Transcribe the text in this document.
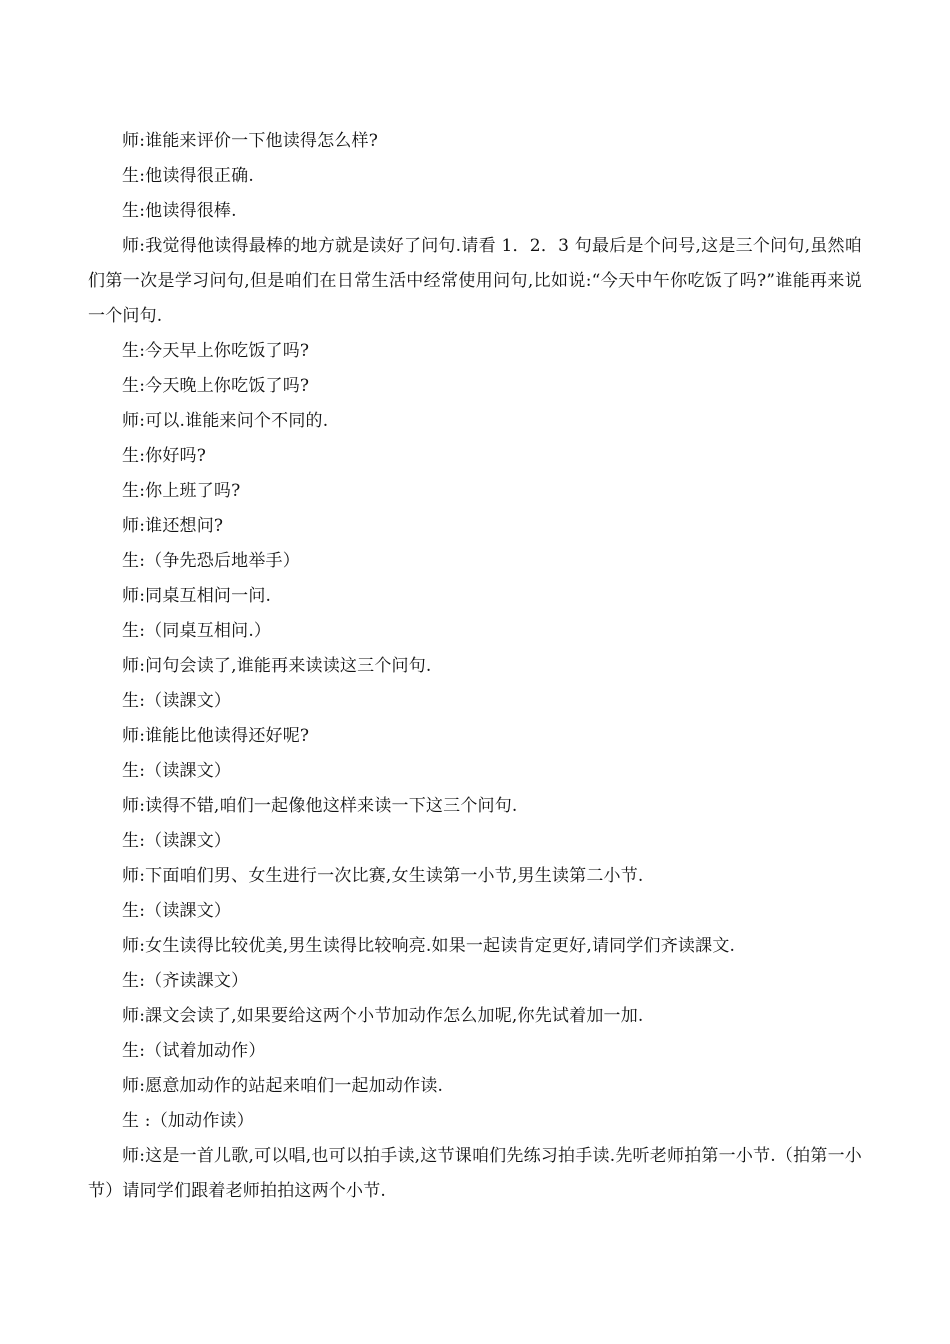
师:谁能来评价一下他读得怎么样?

生:他读得很正确.

生:他读得很棒.

师:我觉得他读得最棒的地方就是读好了问句.请看 1．2．3 句最后是个问号,这是三个问句,虽然咱们第一次是学习问句,但是咱们在日常生活中经常使用问句,比如说:“今天中午你吃饭了吗?”谁能再来说一个问句.

生:今天早上你吃饭了吗?

生:今天晚上你吃饭了吗?

师:可以.谁能来问个不同的.

生:你好吗?

生:你上班了吗?

师:谁还想问?

生:（争先恐后地举手）

师:同桌互相问一问.

生:（同桌互相问.）

师:问句会读了,谁能再来读读这三个问句.

生:（读課文）

师:谁能比他读得还好呢?

生:（读課文）

师:读得不错,咱们一起像他这样来读一下这三个问句.

生:（读課文）

师:下面咱们男、女生进行一次比赛,女生读第一小节,男生读第二小节.

生:（读課文）

师:女生读得比较优美,男生读得比较响亮.如果一起读肯定更好,请同学们齐读課文.

生:（齐读課文）

师:課文会读了,如果要给这两个小节加动作怎么加呢,你先试着加一加.

生:（试着加动作）

师:愿意加动作的站起来咱们一起加动作读.

生 :（加动作读）

师:这是一首儿歌,可以唱,也可以拍手读,这节课咱们先练习拍手读.先听老师拍第一小节.（拍第一小节）请同学们跟着老师拍拍这两个小节.
